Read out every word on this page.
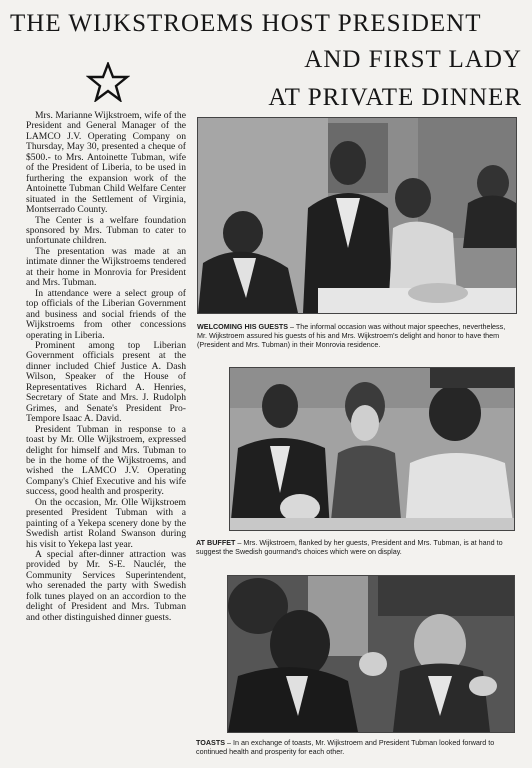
THE WIJKSTROEMS HOST PRESIDENT
AND FIRST LADY
AT PRIVATE DINNER

Mrs. Marianne Wijkstroem, wife of the President and General Manager of the LAMCO J.V. Operating Company on Thursday, May 30, presented a cheque of $500.- to Mrs. Antoinette Tubman, wife of the President of Liberia, to be used in furthering the expansion work of the Antoinette Tubman Child Welfare Center situated in the Settlement of Virginia, Montserrado County.

The Center is a welfare foundation sponsored by Mrs. Tubman to cater to unfortunate children.

The presentation was made at an intimate dinner the Wijkstroems tendered at their home in Monrovia for President and Mrs. Tubman.

In attendance were a select group of top officials of the Liberian Government and business and social friends of the Wijkstroems from other concessions operating in Liberia.

Prominent among top Liberian Government officials present at the dinner included Chief Justice A. Dash Wilson, Speaker of the House of Representatives Richard A. Henries, Secretary of State and Mrs. J. Rudolph Grimes, and Senate's President Pro-Tempore Isaac A. David.

President Tubman in response to a toast by Mr. Olle Wijkstroem, expressed delight for himself and Mrs. Tubman to be in the home of the Wijkstroems, and wished the LAMCO J.V. Operating Company's Chief Executive and his wife success, good health and prosperity.

On the occasion, Mr. Olle Wijkstroem presented President Tubman with a painting of a Yekepa scenery done by the Swedish artist Roland Swanson during his visit to Yekepa last year.

A special after-dinner attraction was provided by Mr. S-E. Nauclér, the Community Services Superintendent, who serenaded the party with Swedish folk tunes played on an accordion to the delight of President and Mrs. Tubman and other distinguished dinner guests.

WELCOMING HIS GUESTS – The informal occasion was without major speeches, nevertheless, Mr. Wijkstroem assured his guests of his and Mrs. Wijkstroem's delight and honor to have them (President and Mrs. Tubman) in their Monrovia residence.
AT BUFFET – Mrs. Wijkstroem, flanked by her guests, President and Mrs. Tubman, is at hand to suggest the Swedish gourmand's choices which were on display.
TOASTS – In an exchange of toasts, Mr. Wijkstroem and President Tubman looked forward to continued health and prosperity for each other.
